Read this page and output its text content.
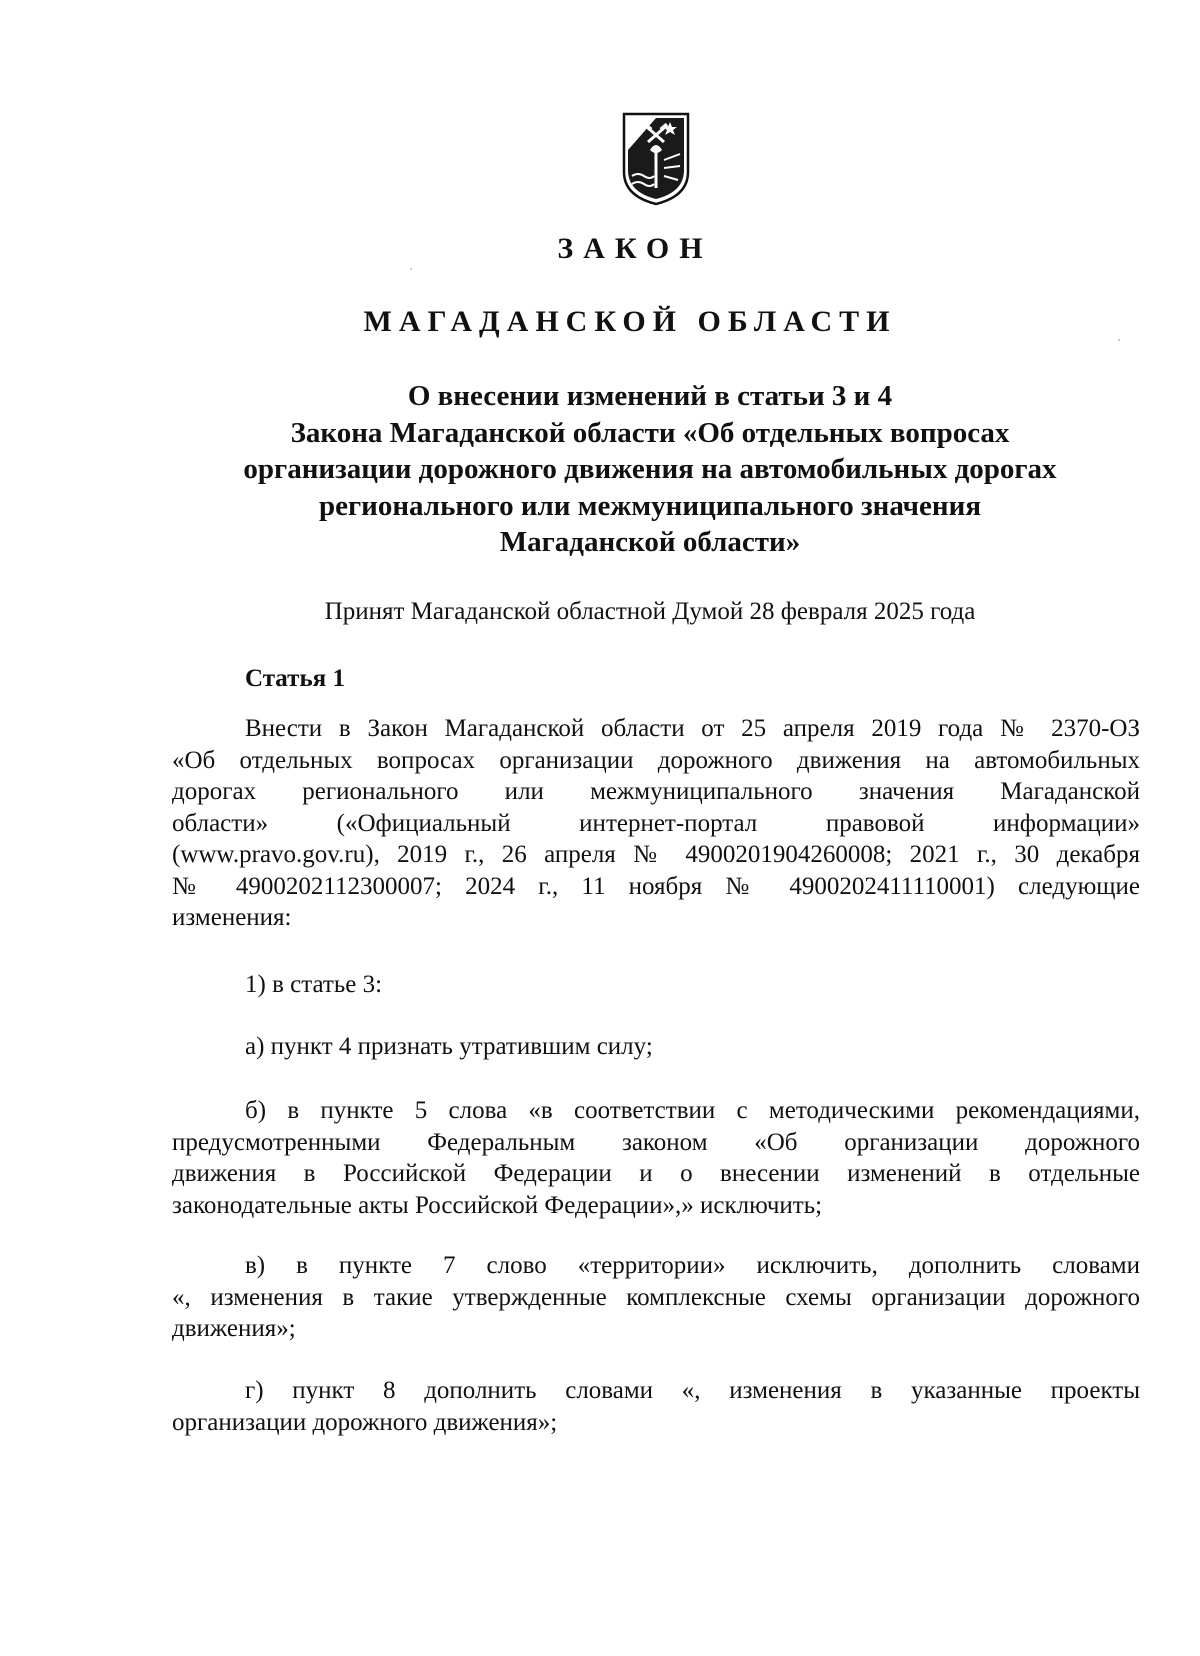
ЗАКОН
МАГАДАНСКОЙ ОБЛАСТИ
О внесении изменений в статьи 3 и 4
Закона Магаданской области «Об отдельных вопросах
организации дорожного движения на автомобильных дорогах
регионального или межмуниципального значения
Магаданской области»
Принят Магаданской областной Думой 28 февраля 2025 года
Статья 1
Внести в Закон Магаданской области от 25 апреля 2019 года № 2370-ОЗ
«Об отдельных вопросах организации дорожного движения на автомобильных
дорогах регионального или межмуниципального значения Магаданской
области» («Официальный интернет-портал правовой информации»
(www.pravo.gov.ru), 2019 г., 26 апреля № 4900201904260008; 2021 г., 30 декабря
№ 4900202112300007; 2024 г., 11 ноября № 4900202411110001) следующие
изменения:
1) в статье 3:
а) пункт 4 признать утратившим силу;
б) в пункте 5 слова «в соответствии с методическими рекомендациями,
предусмотренными Федеральным законом «Об организации дорожного
движения в Российской Федерации и о внесении изменений в отдельные
законодательные акты Российской Федерации»,» исключить;
в) в пункте 7 слово «территории» исключить, дополнить словами
«, изменения в такие утвержденные комплексные схемы организации дорожного
движения»;
г) пункт 8 дополнить словами «, изменения в указанные проекты
организации дорожного движения»;
